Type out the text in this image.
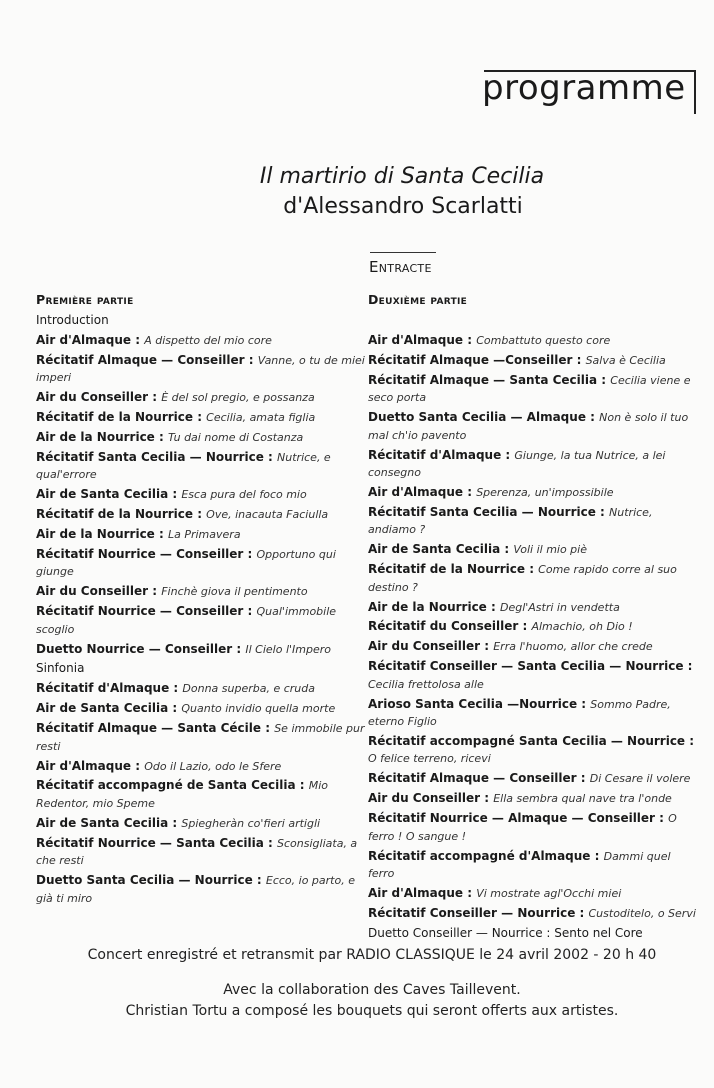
programme
Il martirio di Santa Cecilia
d'Alessandro Scarlatti
Entracte
Première partie
Introduction
Air d'Almaque : A dispetto del mio core
Récitatif Almaque — Conseiller : Vanne, o tu de miei imperi
Air du Conseiller : È del sol pregio, e possanza
Récitatif de la Nourrice : Cecilia, amata figlia
Air de la Nourrice : Tu dai nome di Costanza
Récitatif Santa Cecilia — Nourrice : Nutrice, e qual'errore
Air de Santa Cecilia : Esca pura del foco mio
Récitatif de la Nourrice : Ove, inacauta Faciulla
Air de la Nourrice : La Primavera
Récitatif Nourrice — Conseiller : Opportuno qui giunge
Air du Conseiller : Finchè giova il pentimento
Récitatif Nourrice — Conseiller : Qual'immobile scoglio
Duetto Nourrice — Conseiller : Il Cielo l'Impero
Sinfonia
Récitatif d'Almaque : Donna superba, e cruda
Air de Santa Cecilia : Quanto invidio quella morte
Récitatif Almaque — Santa Cécile : Se immobile pur resti
Air d'Almaque : Odo il Lazio, odo le Sfere
Récitatif accompagné de Santa Cecilia : Mio Redentor, mio Speme
Air de Santa Cecilia : Spiegheràn co'fieri artigli
Récitatif Nourrice — Santa Cecilia : Sconsigliata, a che resti
Duetto Santa Cecilia — Nourrice : Ecco, io parto, e già ti miro
Deuxième partie
Air d'Almaque : Combattuto questo core
Récitatif Almaque —Conseiller : Salva è Cecilia
Récitatif Almaque — Santa Cecilia : Cecilia viene e seco porta
Duetto Santa Cecilia — Almaque : Non è solo il tuo mal ch'io pavento
Récitatif d'Almaque : Giunge, la tua Nutrice, a lei consegno
Air d'Almaque : Sperenza, un'impossibile
Récitatif Santa Cecilia — Nourrice : Nutrice, andiamo ?
Air de Santa Cecilia : Voli il mio piè
Récitatif de la Nourrice : Come rapido corre al suo destino ?
Air de la Nourrice : Degl'Astri in vendetta
Récitatif du Conseiller : Almachio, oh Dio !
Air du Conseiller : Erra l'huomo, allor che crede
Récitatif Conseiller — Santa Cecilia — Nourrice : Cecilia frettolosa alle
Arioso Santa Cecilia —Nourrice : Sommo Padre, eterno Figlio
Récitatif accompagné Santa Cecilia — Nourrice : O felice terreno, ricevi
Récitatif Almaque — Conseiller : Di Cesare il volere
Air du Conseiller : Ella sembra qual nave tra l'onde
Récitatif Nourrice — Almaque — Conseiller : O ferro ! O sangue !
Récitatif accompagné d'Almaque : Dammi quel ferro
Air d'Almaque : Vi mostrate agl'Occhi miei
Récitatif Conseiller — Nourrice : Custoditelo, o Servi
Duetto Conseiller — Nourrice : Sento nel Core
Concert enregistré et retransmit par RADIO CLASSIQUE le 24 avril 2002 - 20 h 40
Avec la collaboration des Caves Taillevent.
Christian Tortu a composé les bouquets qui seront offerts aux artistes.
